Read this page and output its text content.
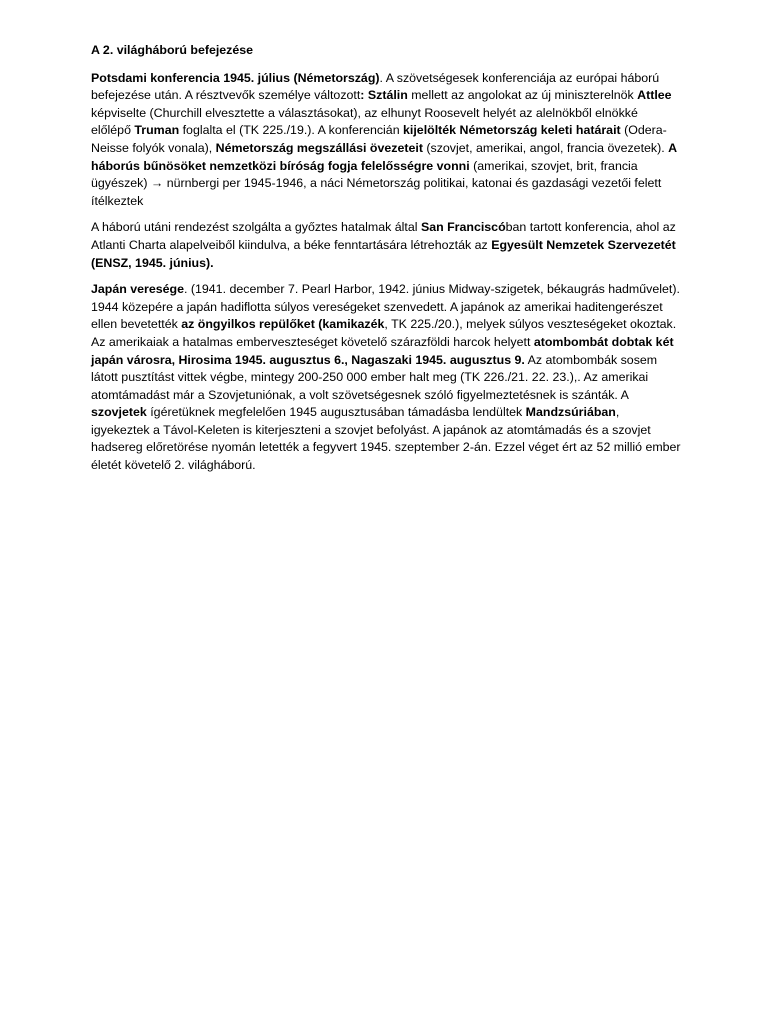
A 2. világháború befejezése

Potsdami konferencia 1945. július (Németország). A szövetségesek konferenciája az európai háború befejezése után. A résztvevők személye változott: Sztálin mellett az angolokat az új miniszterelnök Attlee képviselte (Churchill elvesztette a választásokat), az elhunyt Roosevelt helyét az alelnökből elnökké előlépő Truman foglalta el (TK 225./19.). A konferencián kijelölték Németország keleti határait (Odera-Neisse folyók vonala), Németország megszállási övezeteit (szovjet, amerikai, angol, francia övezetek). A háborús bűnösöket nemzetközi bíróság fogja felelősségre vonni (amerikai, szovjet, brit, francia ügyészek) → nürnbergi per 1945-1946, a náci Németország politikai, katonai és gazdasági vezetői felett ítélkeztek

A háború utáni rendezést szolgálta a győztes hatalmak által San Franciscóban tartott konferencia, ahol az Atlanti Charta alapelveiből kiindulva, a béke fenntartására létrehozták az Egyesült Nemzetek Szervezetét (ENSZ, 1945. június).

Japán veresége. (1941. december 7. Pearl Harbor, 1942. június Midway-szigetek, békaugrás hadművelet). 1944 közepére a japán hadiflotta súlyos vereségeket szenvedett. A japánok az amerikai haditengerészet ellen bevetették az öngyilkos repülőket (kamikazék, TK 225./20.), melyek súlyos veszteségeket okoztak. Az amerikaiak a hatalmas emberveszteséget követelő szárazföldi harcok helyett atombombát dobtak két japán városra, Hirosima 1945. augusztus 6., Nagaszaki 1945. augusztus 9. Az atombombák sosem látott pusztítást vittek végbe, mintegy 200-250 000 ember halt meg (TK 226./21. 22. 23.),. Az amerikai atomtámadást már a Szovjetuniónak, a volt szövetségesnek szóló figyelmeztetésnek is szánták. A szovjetek ígéretüknek megfelelően 1945 augusztusában támadásba lendültek Mandzsúriában, igyekeztek a Távol-Keleten is kiterjeszteni a szovjet befolyást. A japánok az atomtámadás és a szovjet hadsereg előretörése nyomán letették a fegyvert 1945. szeptember 2-án. Ezzel véget ért az 52 millió ember életét követelő 2. világháború.
